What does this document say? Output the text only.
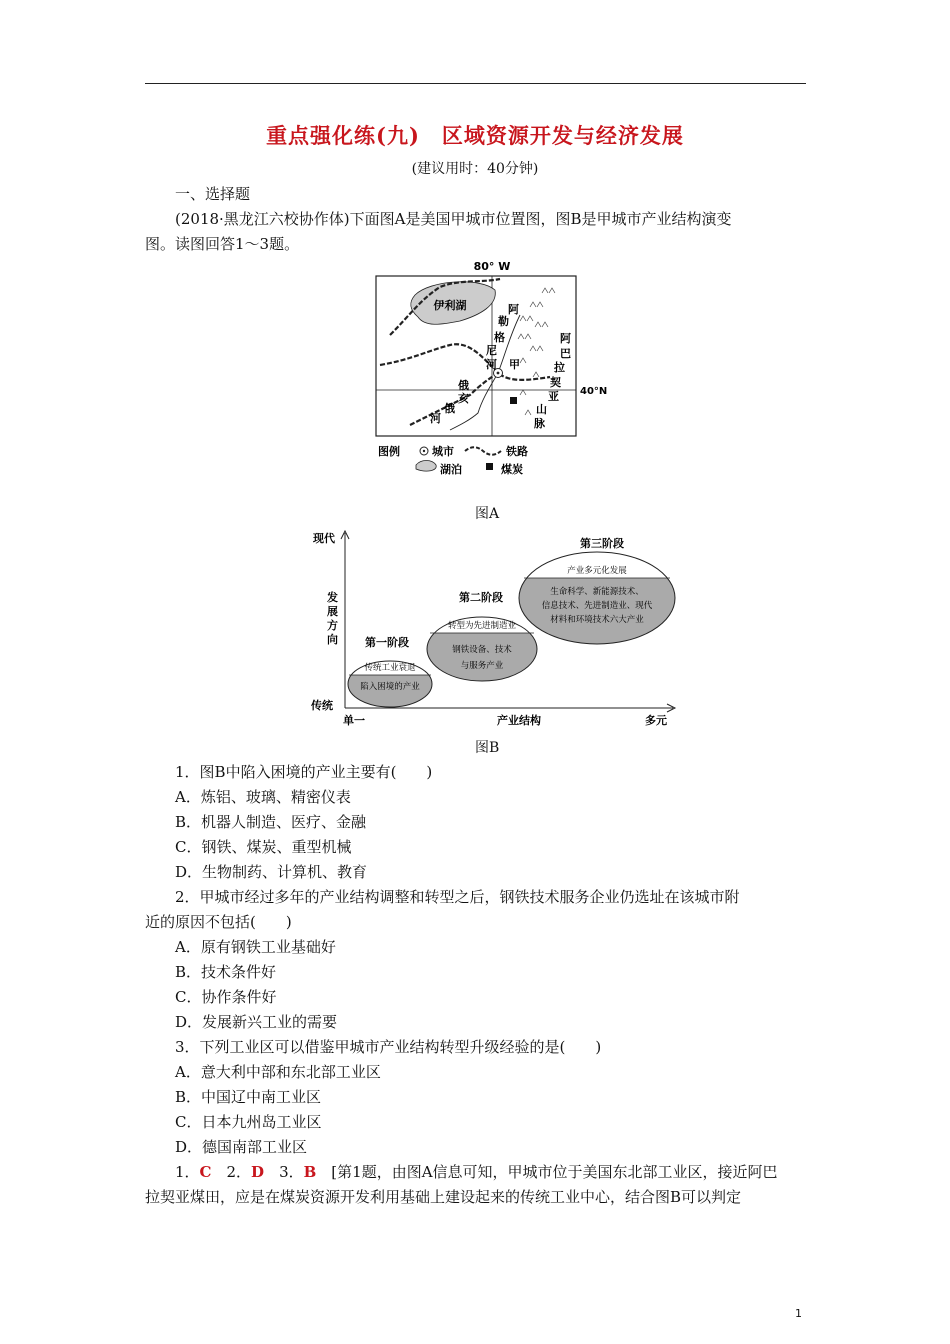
重点强化练(九)　区域资源开发与经济发展
(建议用时：40分钟)
一、选择题
(2018·黑龙江六校协作体)下面图A是美国甲城市位置图，图B是甲城市产业结构演变
图。读图回答1～3题。
80° W
40°N
伊利湖
甲
阿
勒
格
尼
河
俄
亥
俄
河
阿
巴
拉
契
亚
山
脉
图例	城市	铁路
湖泊	煤炭
图A
现代
发
展
方
向
传统
单一	产业结构	多元
第一阶段
传统工业衰退
陷入困境的产业
第二阶段
转型为先进制造业
钢铁设备、技术
与服务产业
第三阶段
产业多元化发展
生命科学、新能源技术、
信息技术、先进制造业、现代
材料和环境技术六大产业
图B
1．图B中陷入困境的产业主要有(　　)
A．炼铝、玻璃、精密仪表
B．机器人制造、医疗、金融
C．钢铁、煤炭、重型机械
D．生物制药、计算机、教育
2．甲城市经过多年的产业结构调整和转型之后，钢铁技术服务企业仍选址在该城市附
近的原因不包括(　　)
A．原有钢铁工业基础好
B．技术条件好
C．协作条件好
D．发展新兴工业的需要
3．下列工业区可以借鉴甲城市产业结构转型升级经验的是(　　)
A．意大利中部和东北部工业区
B．中国辽中南工业区
C．日本九州岛工业区
D．德国南部工业区
1．C　2．D　3．B　[第1题，由图A信息可知，甲城市位于美国东北部工业区，接近阿巴
拉契亚煤田，应是在煤炭资源开发利用基础上建设起来的传统工业中心，结合图B可以判定
1
